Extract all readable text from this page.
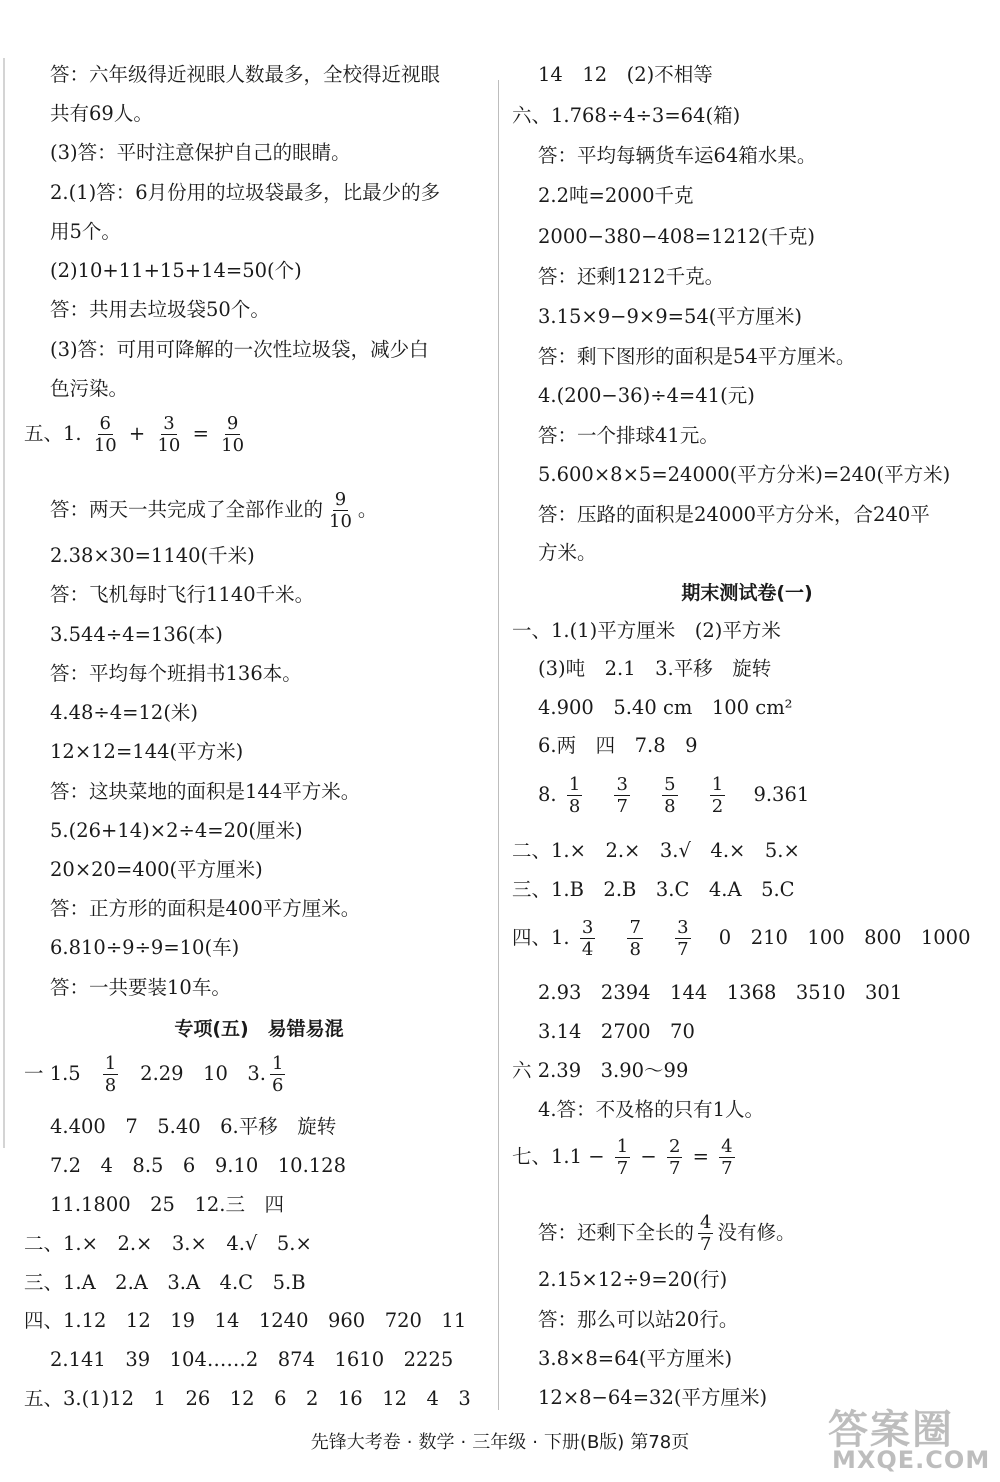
答：六年级得近视眼人数最多，全校得近视眼
共有69人。
(3)答：平时注意保护自己的眼睛。
2.(1)答：6月份用的垃圾袋最多，比最少的多
用5个。
(2)10+11+15+14=50(个)
答：共用去垃圾袋50个。
(3)答：可用可降解的一次性垃圾袋，减少白
色污染。
五、1. $\frac{6}{10} + \frac{3}{10} = \frac{9}{10}$
答：两天一共完成了全部作业的 $\frac{9}{10}$ 。
2.38×30=1140(千米)
答：飞机每时飞行1140千米。
3.544÷4=136(本)
答：平均每个班捐书136本。
4.48÷4=12(米)
12×12=144(平方米)
答：这块菜地的面积是144平方米。
5.(26+14)×2÷4=20(厘米)
20×20=400(平方厘米)
答：正方形的面积是400平方厘米。
6.810÷9÷9=10(车)
答：一共要装10车。
专项(五)　易错易混
一 $1.5 \frac{1}{8} 2.29$　10　3. $\frac{1}{6}$
4.400　7　5.40　6.平移　旋转
7.2　4　8.5　6　9.10　10.128
11.1800　25　12.三　四
二、1.×　2.×　3.×　4.√　5.×
三、1.A　2.A　3.A　4.C　5.B
四、1.12　12　19　14　1240　960　720　11
2.141　39　104……2　874　1610　2225
五、3.(1)12　1　26　12　6　2　16　12　4　3
14　12　(2)不相等
六、1.768÷4÷3=64(箱)
答：平均每辆货车运64箱水果。
2.2吨=2000千克
2000−380−408=1212(千克)
答：还剩1212千克。
3.15×9−9×9=54(平方厘米)
答：剩下图形的面积是54平方厘米。
4.(200−36)÷4=41(元)
答：一个排球41元。
5.600×8×5=24000(平方分米)=240(平方米)
答：压路的面积是24000平方分米，合240平
方米。
期末测试卷(一)
一、1.(1)平方厘米　(2)平方米
(3)吨　2.1　3.平移　旋转
4.900　5.40 cm　100 cm²
6.两　四　7.8　9
8. $\frac{1}{8}$
$\frac{3}{7}$
$\frac{5}{8}$
$\frac{1}{2} 9.361$
二、1.×　2.×　3.√　4.×　5.×
三、1.B　2.B　3.C　4.A　5.C
四、1. $\frac{3}{4}$
$\frac{7}{8}$
$\frac{3}{7} 0$　210　100　800　1000
2.93　2394　144　1368　3510　301
3.14　2700　70
六 2.39　3.90～99
4.答：不及格的只有1人。
七、$1.1 - \frac{1}{7} - \frac{2}{7} = \frac{4}{7}$
答：还剩下全长的 $\frac{4}{7}$ 没有修。
2.15×12÷9=20(行)
答：那么可以站20行。
3.8×8=64(平方厘米)
12×8−64=32(平方厘米)
先锋大考卷 · 数学 · 三年级 · 下册(B版) 第78页	答案圈
MXQE.COM
